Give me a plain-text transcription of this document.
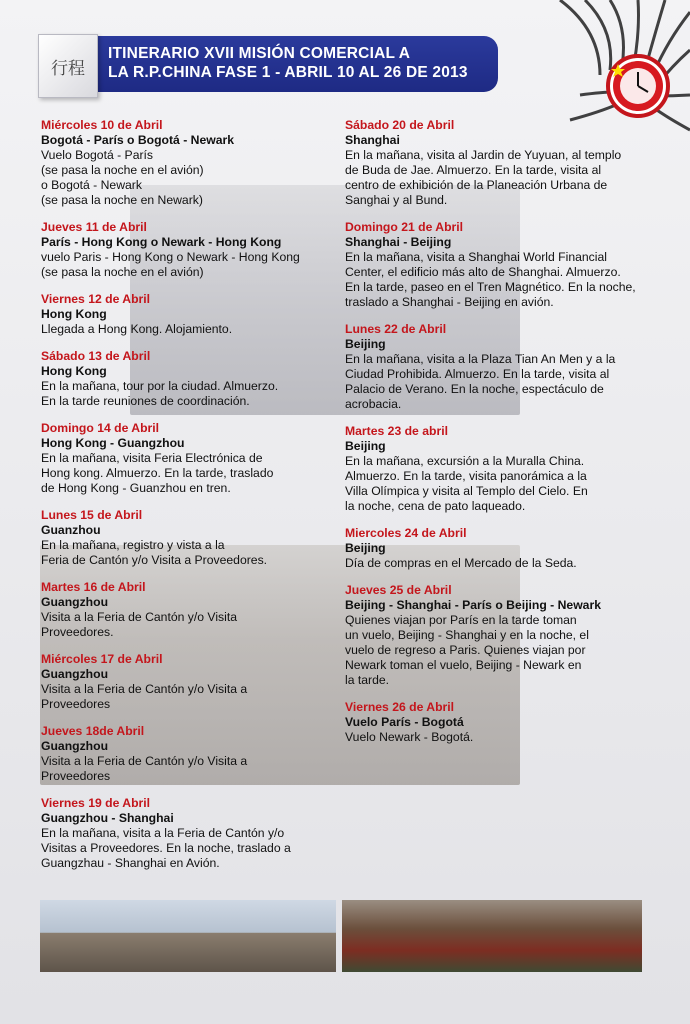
行程
ITINERARIO XVII MISIÓN COMERCIAL A
LA R.P.CHINA FASE 1 - ABRIL 10 AL 26 DE 2013
Miércoles 10 de Abril
Bogotá - París o Bogotá - Newark
Vuelo Bogotá - París
(se pasa la noche en el avión)
o Bogotá - Newark
(se pasa la noche en Newark)
Jueves 11 de Abril
París - Hong Kong o Newark - Hong Kong
vuelo Paris - Hong Kong o Newark - Hong Kong
(se pasa la noche en el avión)
Viernes 12 de Abril
Hong Kong
Llegada a Hong Kong. Alojamiento.
Sábado 13 de Abril
Hong Kong
En la mañana, tour por la ciudad. Almuerzo.
En la tarde reuniones de coordinación.
Domingo 14 de Abril
Hong Kong - Guangzhou
En la mañana, visita Feria Electrónica de
Hong kong. Almuerzo. En la tarde, traslado
de Hong Kong - Guanzhou en tren.
Lunes 15 de Abril
Guanzhou
En la mañana, registro y vista a la
Feria de Cantón y/o Visita a Proveedores.
Martes 16 de Abril
Guangzhou
Visita a la Feria de Cantón y/o Visita
Proveedores.
Miércoles 17 de Abril
Guangzhou
Visita a la Feria de Cantón y/o Visita a
Proveedores
Jueves 18de Abril
Guangzhou
Visita a la Feria de Cantón y/o Visita a
Proveedores
Viernes 19 de Abril
Guangzhou - Shanghai
En la mañana, visita a la Feria de Cantón y/o
Visitas a Proveedores. En la noche, traslado a
Guangzhau - Shanghai en Avión.
Sábado 20 de Abril
Shanghai
En la mañana, visita al Jardin de Yuyuan, al templo
de Buda de Jae. Almuerzo. En la tarde, visita al
centro de exhibición de la Planeación Urbana de
Sanghai y al Bund.
Domingo 21 de Abril
Shanghai - Beijing
En la mañana, visita a Shanghai World Financial
Center, el edificio más alto de Shanghai. Almuerzo.
En la tarde, paseo en el Tren Magnético. En la noche,
traslado a Shanghai - Beijing en avión.
Lunes 22 de Abril
Beijing
En la mañana, visita a la Plaza Tian An Men y a la
Ciudad Prohibida. Almuerzo. En la tarde, visita al
Palacio de Verano. En la noche, espectáculo de
acrobacia.
Martes 23 de abril
Beijing
En la mañana, excursión a la Muralla China.
Almuerzo. En la tarde, visita panorámica a la
Villa Olímpica y visita al Templo del Cielo. En
la noche, cena de pato laqueado.
Miercoles 24 de Abril
Beijing
Día de compras en el Mercado de la Seda.
Jueves 25 de Abril
Beijing - Shanghai - París o Beijing - Newark
Quienes viajan por París en la tarde toman
un vuelo, Beijing - Shanghai y en la noche, el
vuelo de regreso a Paris. Quienes viajan por
Newark toman el vuelo, Beijing - Newark en
la tarde.
Viernes 26 de Abril
Vuelo París - Bogotá
Vuelo Newark - Bogotá.
